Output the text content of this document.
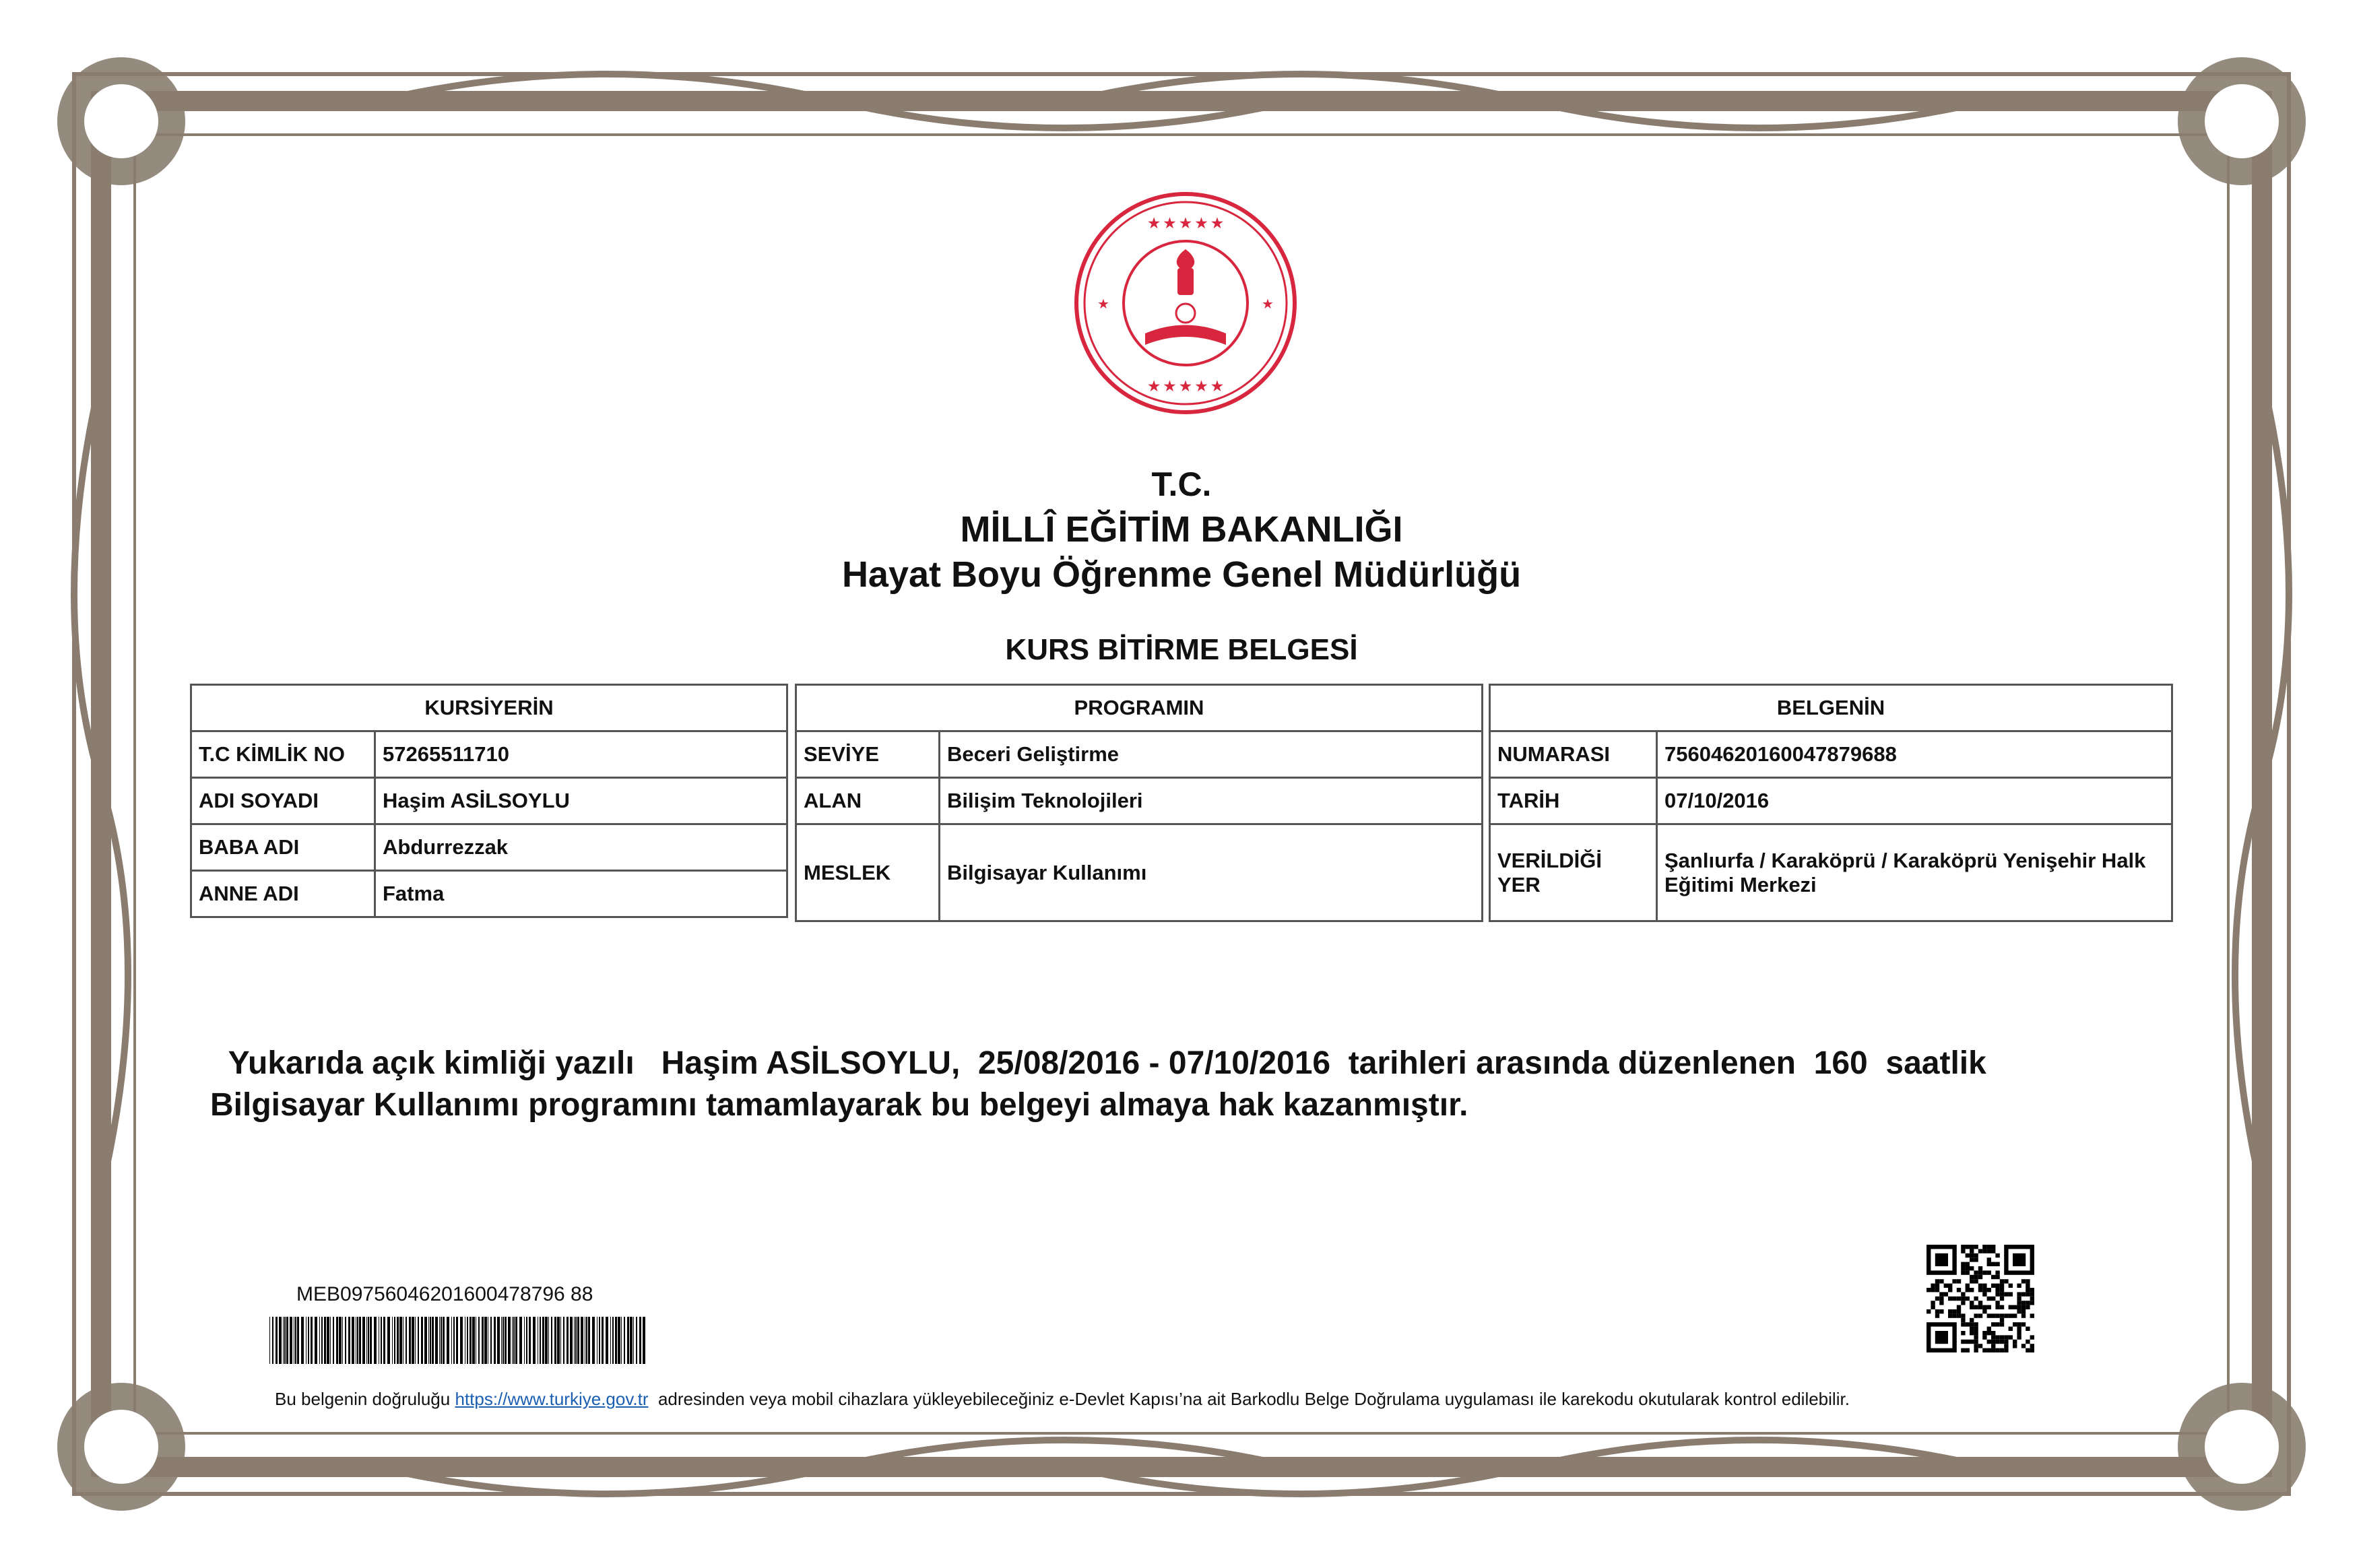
★ ★ ★ ★ ★
★ ★ ★ ★ ★
★	★
T.C.
MİLLÎ EĞİTİM BAKANLIĞI
Hayat Boyu Öğrenme Genel Müdürlüğü
KURS BİTİRME BELGESİ
KURSİYERİN	
T.C KİMLİK NO	57265511710
ADI SOYADI	Haşim ASİLSOYLU
BABA ADI	Abdurrezzak
ANNE ADI	Fatma
PROGRAMIN	
SEVİYE	Beceri Geliştirme
ALAN	Bilişim Teknolojileri
MESLEK	Bilgisayar Kullanımı
BELGENİN	
NUMARASI	75604620160047879688
TARİH	07/10/2016
VERİLDİĞİ YER	Şanlıurfa / Karaköprü / Karaköprü Yenişehir Halk Eğitimi Merkezi
Yukarıda açık kimliği yazılı   Haşim ASİLSOYLU,  25/08/2016 - 07/10/2016  tarihleri arasında düzenlenen  160  saatlik
Bilgisayar Kullanımı programını tamamlayarak bu belgeyi almaya hak kazanmıştır.
MEB09756046201600478796 88
Bu belgenin doğruluğu https://www.turkiye.gov.tr  adresinden veya mobil cihazlara yükleyebileceğiniz e-Devlet Kapısı’na ait Barkodlu Belge Doğrulama uygulaması ile karekodu okutularak kontrol edilebilir.
